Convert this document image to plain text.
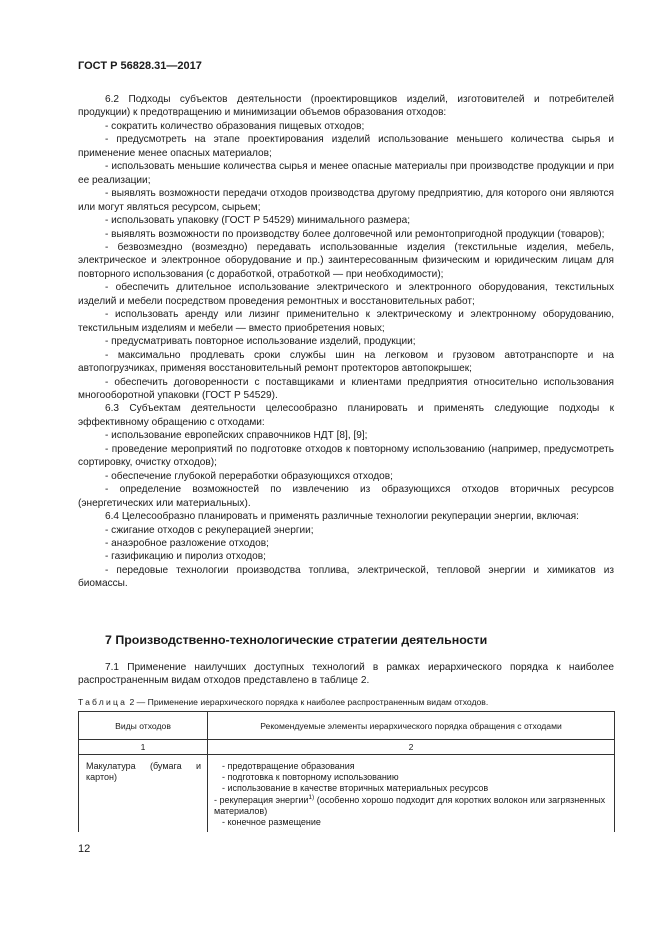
ГОСТ Р 56828.31—2017

6.2 Подходы субъектов деятельности (проектировщиков изделий, изготовителей и потребителей продукции) к предотвращению и минимизации объемов образования отходов:

- сократить количество образования пищевых отходов;

- предусмотреть на этапе проектирования изделий использование меньшего количества сырья и применение менее опасных материалов;

- использовать меньшие количества сырья и менее опасные материалы при производстве продукции и при ее реализации;

- выявлять возможности передачи отходов производства другому предприятию, для которого они являются или могут являться ресурсом, сырьем;

- использовать упаковку (ГОСТ Р 54529) минимального размера;

- выявлять возможности по производству более долговечной или ремонтопригодной продукции (товаров);

- безвозмездно (возмездно) передавать использованные изделия (текстильные изделия, мебель, электрическое и электронное оборудование и пр.) заинтересованным физическим и юридическим лицам для повторного использования (с доработкой, отработкой — при необходимости);

- обеспечить длительное использование электрического и электронного оборудования, текстильных изделий и мебели посредством проведения ремонтных и восстановительных работ;

- использовать аренду или лизинг применительно к электрическому и электронному оборудованию, текстильным изделиям и мебели — вместо приобретения новых;

- предусматривать повторное использование изделий, продукции;

- максимально продлевать сроки службы шин на легковом и грузовом автотранспорте и на автопогрузчиках, применяя восстановительный ремонт протекторов автопокрышек;

- обеспечить договоренности с поставщиками и клиентами предприятия относительно использования многооборотной упаковки (ГОСТ Р 54529).

6.3 Субъектам деятельности целесообразно планировать и применять следующие подходы к эффективному обращению с отходами:

- использование европейских справочников НДТ [8], [9];

- проведение мероприятий по подготовке отходов к повторному использованию (например, предусмотреть сортировку, очистку отходов);

- обеспечение глубокой переработки образующихся отходов;

- определение возможностей по извлечению из образующихся отходов вторичных ресурсов (энергетических или материальных).

6.4 Целесообразно планировать и применять различные технологии рекуперации энергии, включая:

- сжигание отходов с рекуперацией энергии;

- анаэробное разложение отходов;

- газификацию и пиролиз отходов;

- передовые технологии производства топлива, электрической, тепловой энергии и химикатов из биомассы.

7 Производственно-технологические стратегии деятельности

7.1 Применение наилучших доступных технологий в рамках иерархического порядка к наиболее распространенным видам отходов представлено в таблице 2.

Таблица 2 — Применение иерархического порядка к наиболее распространенным видам отходов.
Виды отходов	Рекомендуемые элементы иерархического порядка обращения с отходами
1	2

Макулатура (бумага и картон)	- предотвращение образования
- подготовка к повторному использованию
- использование в качестве вторичных материальных ресурсов
- рекуперация энергии$^{1)}$ (особенно хорошо подходит для коротких волокон или загрязненных материалов)
- конечное размещение
12
